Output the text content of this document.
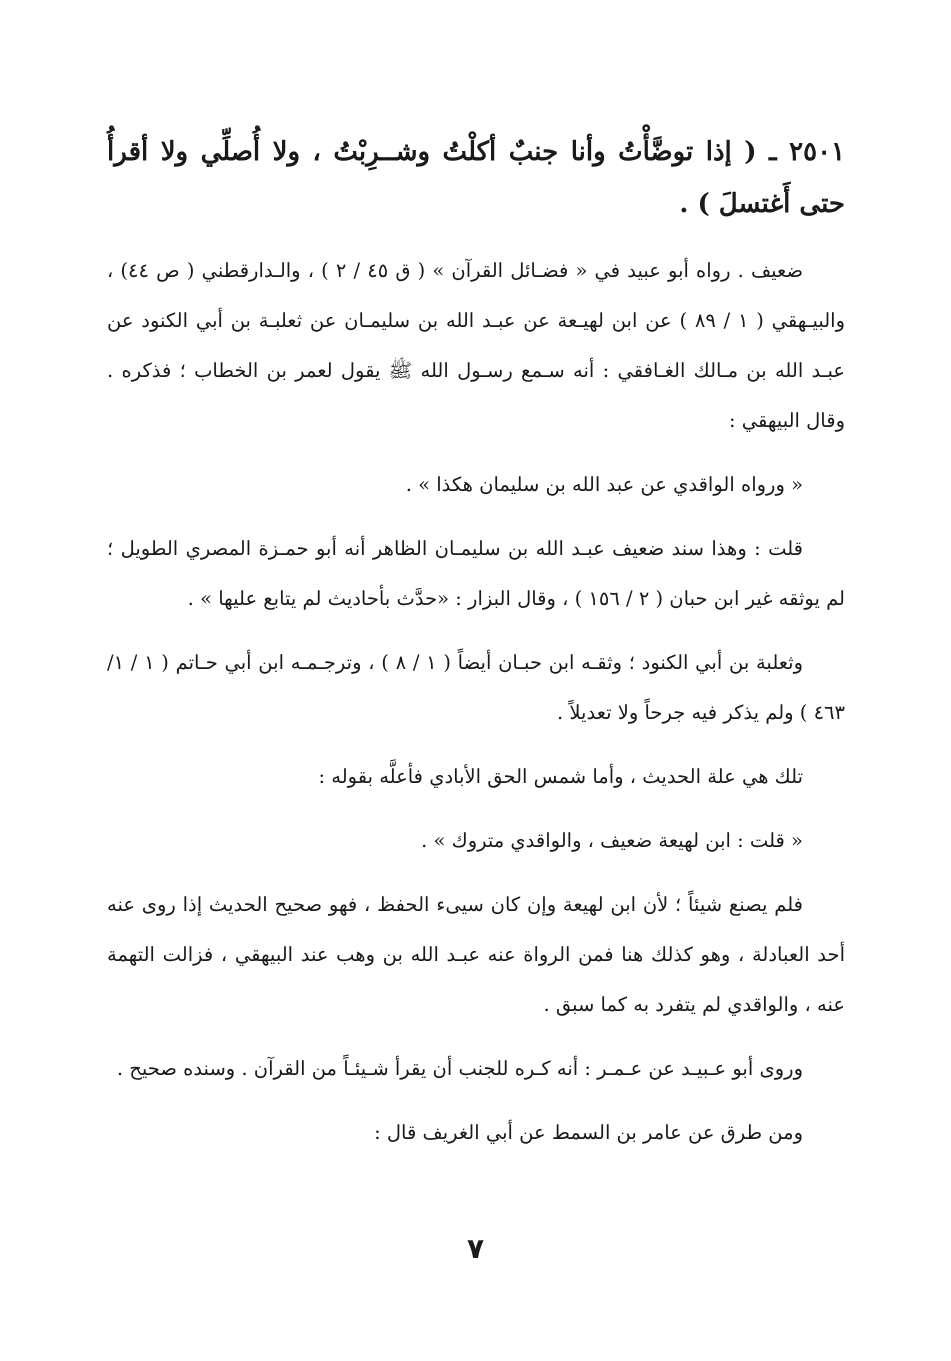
٢٥٠١ ـ ( إذا توضَّأْتُ وأنا جنبٌ أكلْتُ وشــرِبْتُ ، ولا أُصلِّي ولا أقرأُ حتى أَغتسلَ ) .

ضعيف . رواه أبو عبيد في « فضـائل القرآن » ( ق ٤٥ / ٢ ) ، والـدارقطني ( ص ٤٤) ، والبيـهقي ( ١ / ٨٩ ) عن ابن لهيـعة عن عبـد الله بن سليمـان عن ثعلبـة بن أبي الكنود عن عبـد الله بن مـالك الغـافقي : أنه سـمع رسـول الله ﷺ يقول لعمر بن الخطاب ؛ فذكره . وقال البيهقي :

« ورواه الواقدي عن عبد الله بن سليمان هكذا » .

قلت : وهذا سند ضعيف عبـد الله بن سليمـان الظاهر أنه أبو حمـزة المصري الطويل ؛ لم يوثقه غير ابن حبان ( ٢ / ١٥٦ ) ، وقال البزار : «حدَّث بأحاديث لم يتابع عليها » .

وثعلبة بن أبي الكنود ؛ وثقـه ابن حبـان أيضاً ( ١ / ٨ ) ، وترجـمـه ابن أبي حـاتم ( ١ / ١/ ٤٦٣ ) ولم يذكر فيه جرحاً ولا تعديلاً .

تلك هي علة الحديث ، وأما شمس الحق الأبادي فأعلَّه بقوله :

« قلت : ابن لهيعة ضعيف ، والواقدي متروك » .

فلم يصنع شيئاً ؛ لأن ابن لهيعة وإن كان سيىء الحفظ ، فهو صحيح الحديث إذا روى عنه أحد العبادلة ، وهو كذلك هنا فمن الرواة عنه عبـد الله بن وهب عند البيهقي ، فزالت التهمة عنه ، والواقدي لم يتفرد به كما سبق .

وروى أبو عـبيـد عن عـمـر : أنه كـره للجنب أن يقرأ شـيئـاً من القرآن . وسنده صحيح .

ومن طرق عن عامر بن السمط عن أبي الغريف قال :

٧
